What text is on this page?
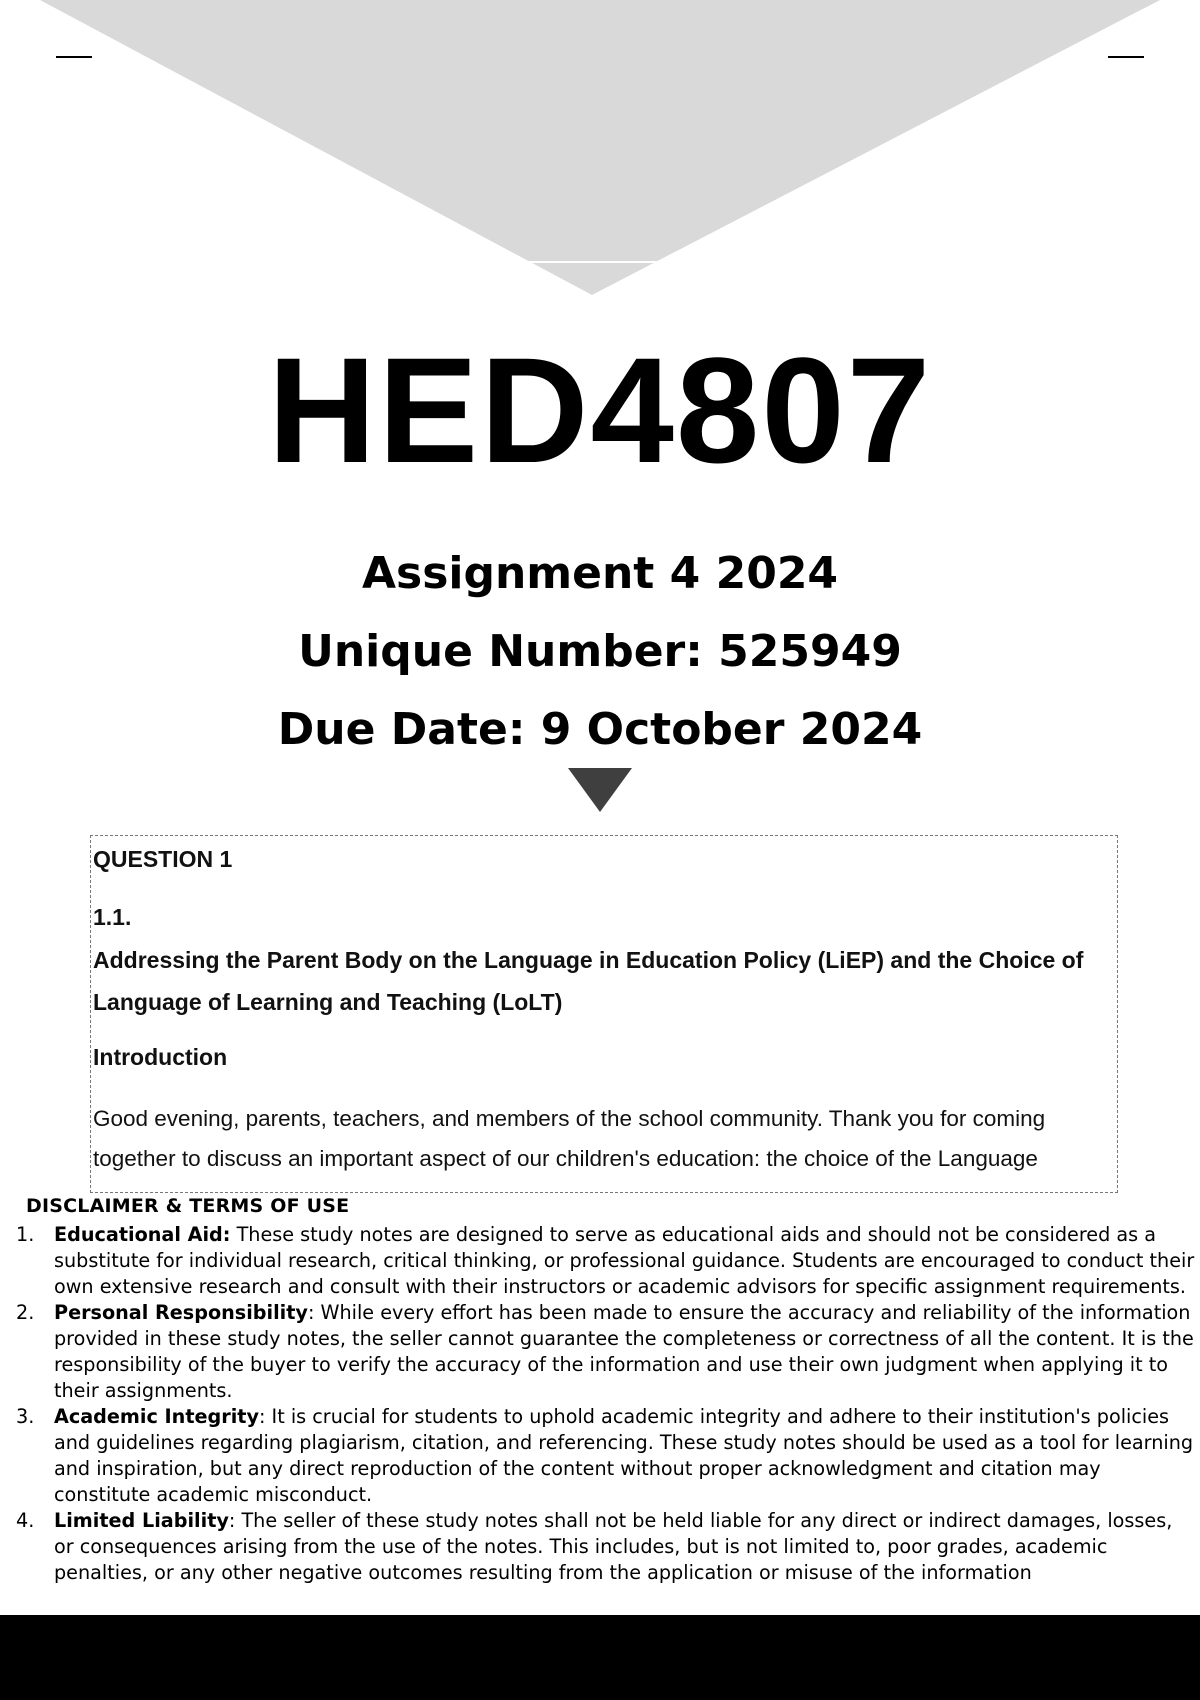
HED4807
Assignment 4 2024
Unique Number: 525949
Due Date: 9 October 2024
QUESTION 1
1.1.
Addressing the Parent Body on the Language in Education Policy (LiEP) and the Choice of Language of Learning and Teaching (LoLT)
Introduction
Good evening, parents, teachers, and members of the school community. Thank you for coming together to discuss an important aspect of our children's education: the choice of the Language
DISCLAIMER & TERMS OF USE
1. Educational Aid: These study notes are designed to serve as educational aids and should not be considered as a substitute for individual research, critical thinking, or professional guidance. Students are encouraged to conduct their own extensive research and consult with their instructors or academic advisors for specific assignment requirements.
2. Personal Responsibility: While every effort has been made to ensure the accuracy and reliability of the information provided in these study notes, the seller cannot guarantee the completeness or correctness of all the content. It is the responsibility of the buyer to verify the accuracy of the information and use their own judgment when applying it to their assignments.
3. Academic Integrity: It is crucial for students to uphold academic integrity and adhere to their institution's policies and guidelines regarding plagiarism, citation, and referencing. These study notes should be used as a tool for learning and inspiration, but any direct reproduction of the content without proper acknowledgment and citation may constitute academic misconduct.
4. Limited Liability: The seller of these study notes shall not be held liable for any direct or indirect damages, losses, or consequences arising from the use of the notes. This includes, but is not limited to, poor grades, academic penalties, or any other negative outcomes resulting from the application or misuse of the information
